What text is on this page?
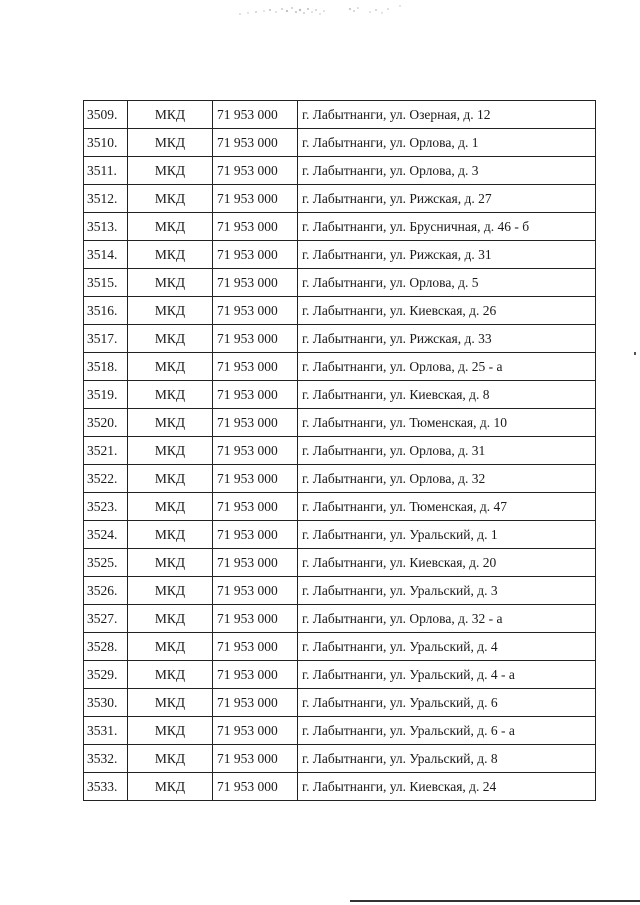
3509.	МКД	71 953 000	г. Лабытнанги, ул. Озерная, д. 12
3510.	МКД	71 953 000	г. Лабытнанги, ул. Орлова, д. 1
3511.	МКД	71 953 000	г. Лабытнанги, ул. Орлова, д. 3
3512.	МКД	71 953 000	г. Лабытнанги, ул. Рижская, д. 27
3513.	МКД	71 953 000	г. Лабытнанги, ул. Брусничная, д. 46 - б
3514.	МКД	71 953 000	г. Лабытнанги, ул. Рижская, д. 31
3515.	МКД	71 953 000	г. Лабытнанги, ул. Орлова, д. 5
3516.	МКД	71 953 000	г. Лабытнанги, ул. Киевская, д. 26
3517.	МКД	71 953 000	г. Лабытнанги, ул. Рижская, д. 33
3518.	МКД	71 953 000	г. Лабытнанги, ул. Орлова, д. 25 - а
3519.	МКД	71 953 000	г. Лабытнанги, ул. Киевская, д. 8
3520.	МКД	71 953 000	г. Лабытнанги, ул. Тюменская, д. 10
3521.	МКД	71 953 000	г. Лабытнанги, ул. Орлова, д. 31
3522.	МКД	71 953 000	г. Лабытнанги, ул. Орлова, д. 32
3523.	МКД	71 953 000	г. Лабытнанги, ул. Тюменская, д. 47
3524.	МКД	71 953 000	г. Лабытнанги, ул. Уральский, д. 1
3525.	МКД	71 953 000	г. Лабытнанги, ул. Киевская, д. 20
3526.	МКД	71 953 000	г. Лабытнанги, ул. Уральский, д. 3
3527.	МКД	71 953 000	г. Лабытнанги, ул. Орлова, д. 32 - а
3528.	МКД	71 953 000	г. Лабытнанги, ул. Уральский, д. 4
3529.	МКД	71 953 000	г. Лабытнанги, ул. Уральский, д. 4 - а
3530.	МКД	71 953 000	г. Лабытнанги, ул. Уральский, д. 6
3531.	МКД	71 953 000	г. Лабытнанги, ул. Уральский, д. 6 - а
3532.	МКД	71 953 000	г. Лабытнанги, ул. Уральский, д. 8
3533.	МКД	71 953 000	г. Лабытнанги, ул. Киевская, д. 24
